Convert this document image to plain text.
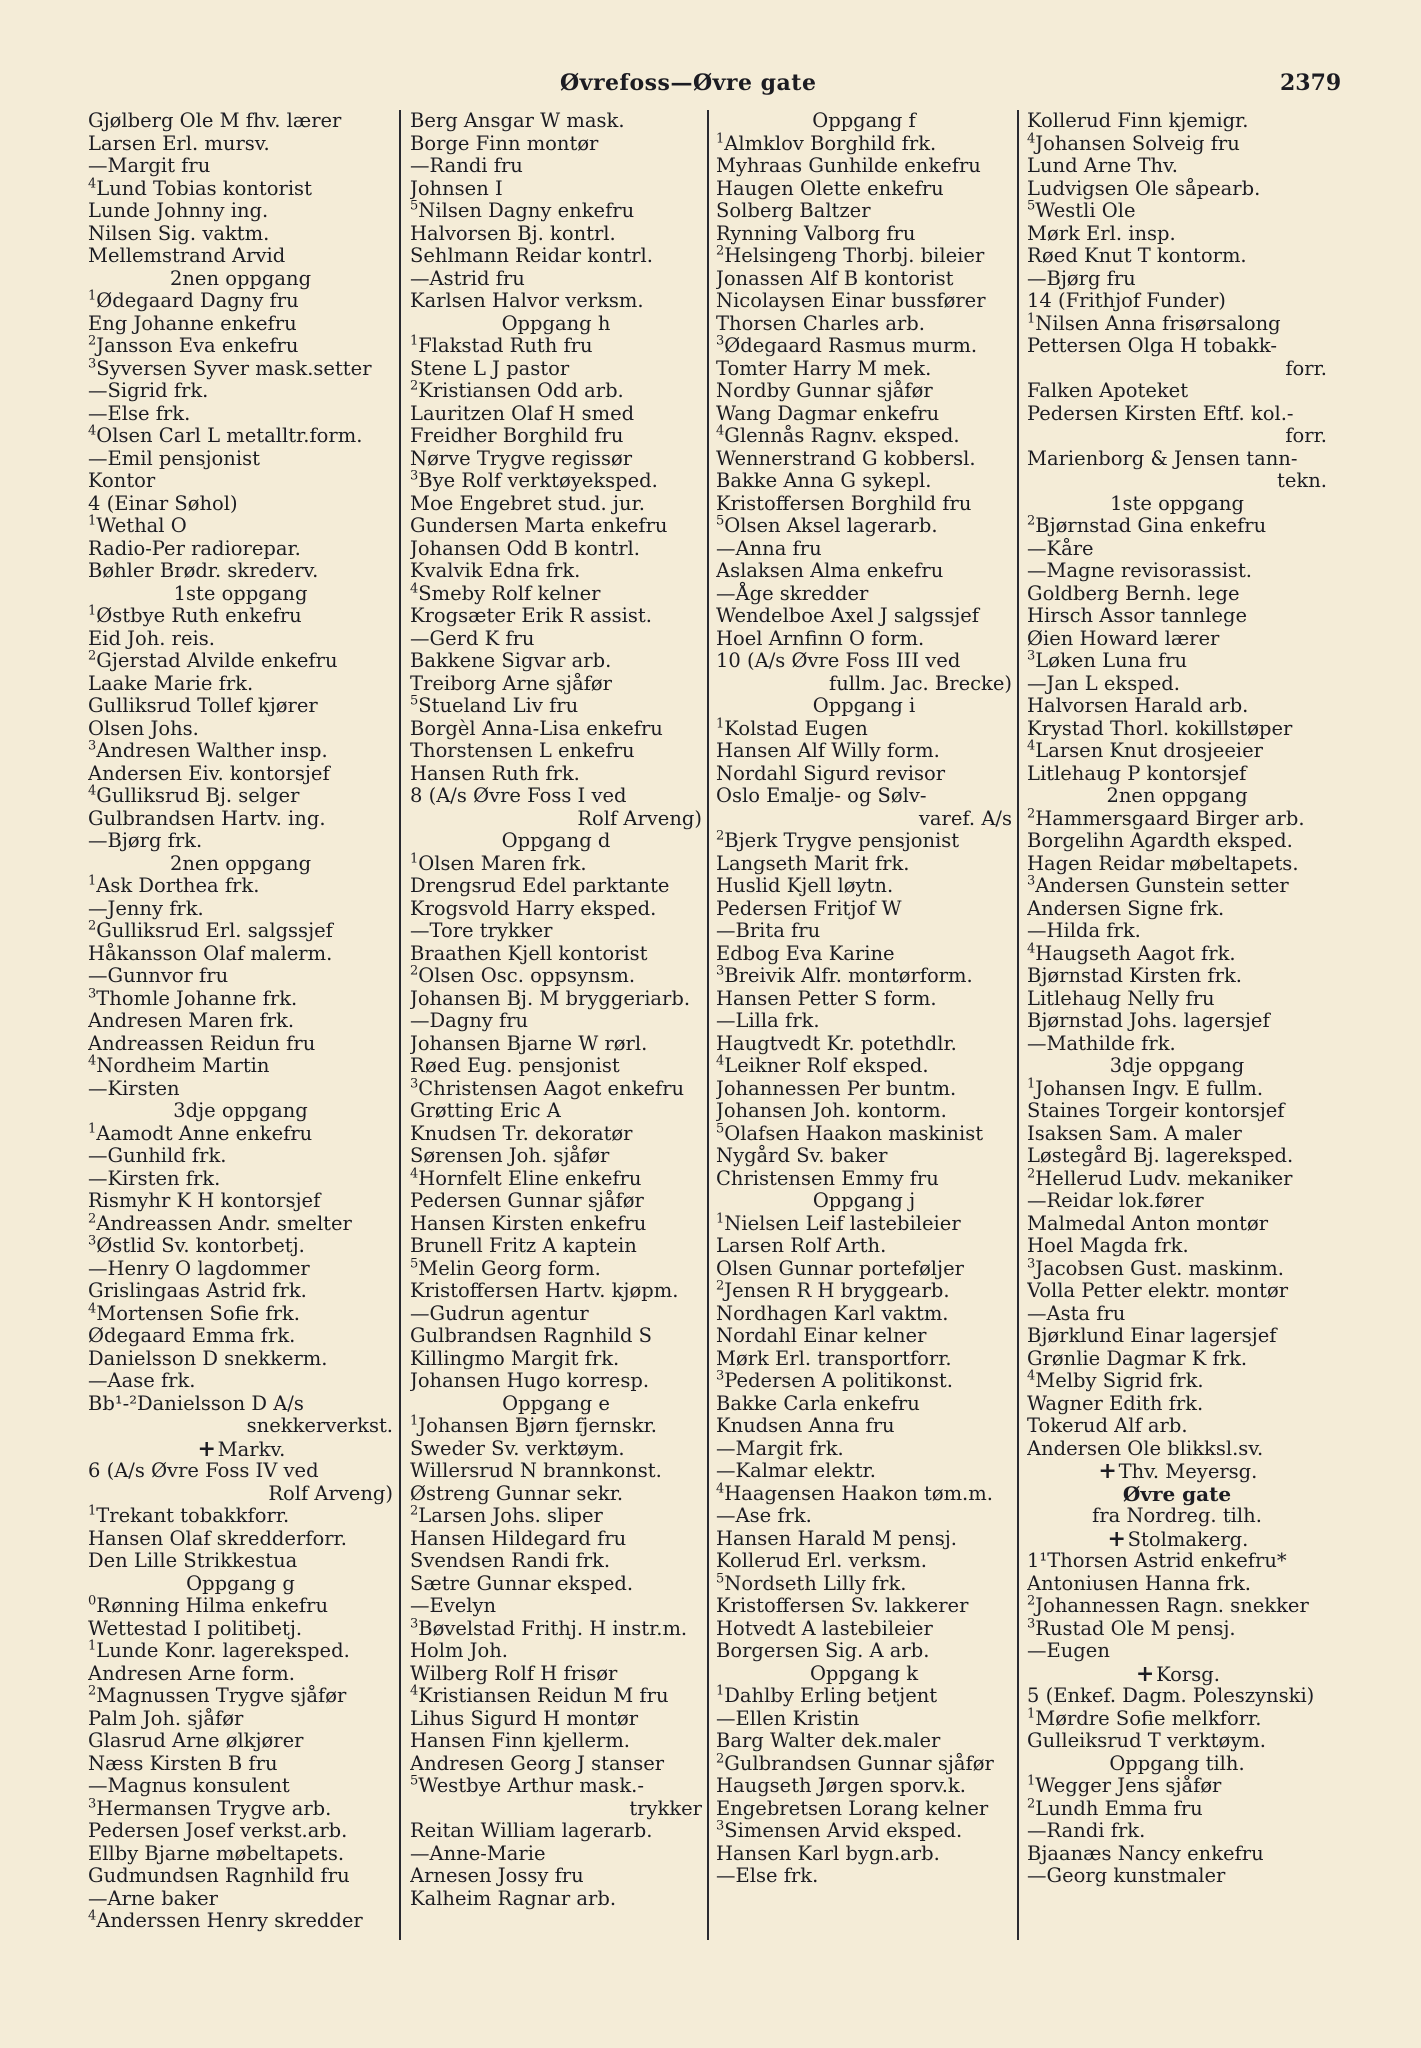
Øvrefoss—Øvre gate	2379
Gjølberg Ole M fhv. lærer
Larsen Erl. mursv.
—Margit fru
$^4$Lund Tobias kontorist
Lunde Johnny ing.
Nilsen Sig. vaktm.
Mellemstrand Arvid
2nen oppgang
$^1$Ødegaard Dagny fru
Eng Johanne enkefru
$^2$Jansson Eva enkefru
$^3$Syversen Syver mask.setter
—Sigrid frk.
—Else frk.
$^4$Olsen Carl L metalltr.form.
—Emil pensjonist
Kontor
4 (Einar Søhol)
$^1$Wethal O
Radio-Per radiorepar.
Bøhler Brødr. skrederv.
1ste oppgang
$^1$Østbye Ruth enkefru
Eid Joh. reis.
$^2$Gjerstad Alvilde enkefru
Laake Marie frk.
Gulliksrud Tollef kjører
Olsen Johs.
$^3$Andresen Walther insp.
Andersen Eiv. kontorsjef
$^4$Gulliksrud Bj. selger
Gulbrandsen Hartv. ing.
—Bjørg frk.
2nen oppgang
$^1$Ask Dorthea frk.
—Jenny frk.
$^2$Gulliksrud Erl. salgssjef
Håkansson Olaf malerm.
—Gunnvor fru
$^3$Thomle Johanne frk.
Andresen Maren frk.
Andreassen Reidun fru
$^4$Nordheim Martin
—Kirsten
3dje oppgang
$^1$Aamodt Anne enkefru
—Gunhild frk.
—Kirsten frk.
Rismyhr K H kontorsjef
$^2$Andreassen Andr. smelter
$^3$Østlid Sv. kontorbetj.
—Henry O lagdommer
Grislingaas Astrid frk.
$^4$Mortensen Sofie frk.
Ødegaard Emma frk.
Danielsson D snekkerm.
—Aase frk.
Bb¹-²Danielsson D A/s
snekkerverkst.
+Markv.
6 (A/s Øvre Foss IV ved
Rolf Arveng)
$^1$Trekant tobakkforr.
Hansen Olaf skredderforr.
Den Lille Strikkestua
Oppgang g
$^0$Rønning Hilma enkefru
Wettestad I politibetj.
$^1$Lunde Konr. lagerekspеd.
Andresen Arne form.
$^2$Magnussen Trygve sjåfør
Palm Joh. sjåfør
Glasrud Arne ølkjører
Næss Kirsten B fru
—Magnus konsulent
$^3$Hermansen Trygve arb.
Pedersen Josef verkst.arb.
Ellby Bjarne møbeltapets.
Gudmundsen Ragnhild fru
—Arne baker
$^4$Anderssen Henry skredder
Berg Ansgar W mask.
Borge Finn montør
—Randi fru
Johnsen I
$^5$Nilsen Dagny enkefru
Halvorsen Bj. kontrl.
Sehlmann Reidar kontrl.
—Astrid fru
Karlsen Halvor verksm.
Oppgang h
$^1$Flakstad Ruth fru
Stene L J pastor
$^2$Kristiansen Odd arb.
Lauritzen Olaf H smed
Freidher Borghild fru
Nørve Trygve regissør
$^3$Bye Rolf verktøyeksped.
Moe Engebret stud. jur.
Gundersen Marta enkefru
Johansen Odd B kontrl.
Kvalvik Edna frk.
$^4$Smeby Rolf kelner
Krogsæter Erik R assist.
—Gerd K fru
Bakkene Sigvar arb.
Treiborg Arne sjåfør
$^5$Stueland Liv fru
Borgèl Anna-Lisa enkefru
Thorstensen L enkefru
Hansen Ruth frk.
8 (A/s Øvre Foss I ved
Rolf Arveng)
Oppgang d
$^1$Olsen Maren frk.
Drengsrud Edel parktante
Krogsvold Harry eksped.
—Tore trykker
Braathen Kjell kontorist
$^2$Olsen Osc. oppsynsm.
Johansen Bj. M bryggeriarb.
—Dagny fru
Johansen Bjarne W rørl.
Røed Eug. pensjonist
$^3$Christensen Aagot enkefru
Grøtting Eric A
Knudsen Tr. dekoratør
Sørensen Joh. sjåfør
$^4$Hornfelt Eline enkefru
Pedersen Gunnar sjåfør
Hansen Kirsten enkefru
Brunell Fritz A kaptein
$^5$Melin Georg form.
Kristoffersen Hartv. kjøpm.
—Gudrun agentur
Gulbrandsen Ragnhild S
Killingmo Margit frk.
Johansen Hugo korresp.
Oppgang e
$^1$Johansen Bjørn fjernskr.
Sweder Sv. verktøym.
Willersrud N brannkonst.
Østreng Gunnar sekr.
$^2$Larsen Johs. sliper
Hansen Hildegard fru
Svendsen Randi frk.
Sætre Gunnar eksped.
—Evelyn
$^3$Bøvelstad Frithj. H instr.m.
Holm Joh.
Wilberg Rolf H frisør
$^4$Kristiansen Reidun M fru
Lihus Sigurd H montør
Hansen Finn kjellerm.
Andresen Georg J stanser
$^5$Westbye Arthur mask.-
trykker
Reitan William lagerarb.
—Anne-Marie
Arnesen Jossy fru
Kalheim Ragnar arb.
Oppgang f
$^1$Almklov Borghild frk.
Myhraas Gunhilde enkefru
Haugen Olette enkefru
Solberg Baltzer
Rynning Valborg fru
$^2$Helsingeng Thorbj. bileier
Jonassen Alf B kontorist
Nicolaysen Einar bussfører
Thorsen Charles arb.
$^3$Ødegaard Rasmus murm.
Tomter Harry M mek.
Nordby Gunnar sjåfør
Wang Dagmar enkefru
$^4$Glennås Ragnv. eksped.
Wennerstrand G kobbersl.
Bakke Anna G sykepl.
Kristoffersen Borghild fru
$^5$Olsen Aksel lagerarb.
—Anna fru
Aslaksen Alma enkefru
—Åge skredder
Wendelboe Axel J salgssjef
Hoel Arnfinn O form.
10 (A/s Øvre Foss III ved
fullm. Jac. Brecke)
Oppgang i
$^1$Kolstad Eugen
Hansen Alf Willy form.
Nordahl Sigurd revisor
Oslo Emalje- og Sølv-
varef. A/s
$^2$Bjerk Trygve pensjonist
Langseth Marit frk.
Huslid Kjell løytn.
Pedersen Fritjof W
—Brita fru
Edbog Eva Karine
$^3$Breivik Alfr. montørform.
Hansen Petter S form.
—Lilla frk.
Haugtvedt Kr. potethdlr.
$^4$Leikner Rolf eksped.
Johannessen Per buntm.
Johansen Joh. kontorm.
$^5$Olafsen Haakon maskinist
Nygård Sv. baker
Christensen Emmy fru
Oppgang j
$^1$Nielsen Leif lastebileier
Larsen Rolf Arth.
Olsen Gunnar porteføljer
$^2$Jensen R H bryggearb.
Nordhagen Karl vaktm.
Nordahl Einar kelner
Mørk Erl. transportforr.
$^3$Pedersen A politikonst.
Bakke Carla enkefru
Knudsen Anna fru
—Margit frk.
—Kalmar elektr.
$^4$Haagensen Haakon tøm.m.
—Ase frk.
Hansen Harald M pensj.
Kollerud Erl. verksm.
$^5$Nordseth Lilly frk.
Kristoffersen Sv. lakkerer
Hotvedt A lastebileier
Borgersen Sig. A arb.
Oppgang k
$^1$Dahlby Erling betjent
—Ellen Kristin
Barg Walter dek.maler
$^2$Gulbrandsen Gunnar sjåfør
Haugseth Jørgen sporv.k.
Engebretsen Lorang kelner
$^3$Simensen Arvid eksped.
Hansen Karl bygn.arb.
—Else frk.
Kollerud Finn kjemigr.
$^4$Johansen Solveig fru
Lund Arne Thv.
Ludvigsen Ole såpearb.
$^5$Westli Ole
Mørk Erl. insp.
Røed Knut T kontorm.
—Bjørg fru
14 (Frithjof Funder)
$^1$Nilsen Anna frisørsalong
Pettersen Olga H tobakk-
forr.
Falken Apoteket
Pedersen Kirsten Eftf. kol.-
forr.
Marienborg & Jensen tann-
tekn.
1ste oppgang
$^2$Bjørnstad Gina enkefru
—Kåre
—Magne revisorassist.
Goldberg Bernh. lege
Hirsch Assor tannlege
Øien Howard lærer
$^3$Løken Luna fru
—Jan L eksped.
Halvorsen Harald arb.
Krystad Thorl. kokillstøper
$^4$Larsen Knut drosjeeier
Litlehaug P kontorsjef
2nen oppgang
$^2$Hammersgaard Birger arb.
Borgelihn Agardth eksped.
Hagen Reidar møbeltapets.
$^3$Andersen Gunstein setter
Andersen Signe frk.
—Hilda frk.
$^4$Haugseth Aagot frk.
Bjørnstad Kirsten frk.
Litlehaug Nelly fru
Bjørnstad Johs. lagersjef
—Mathilde frk.
3dje oppgang
$^1$Johansen Ingv. E fullm.
Staines Torgeir kontorsjef
Isaksen Sam. A maler
Løstegård Bj. lagereksped.
$^2$Hellerud Ludv. mekaniker
—Reidar lok.fører
Malmedal Anton montør
Hoel Magda frk.
$^3$Jacobsen Gust. maskinm.
Volla Petter elektr. montør
—Asta fru
Bjørklund Einar lagersjef
Grønlie Dagmar K frk.
$^4$Melby Sigrid frk.
Wagner Edith frk.
Tokerud Alf arb.
Andersen Ole blikksl.sv.
+Thv. Meyersg.
Øvre gate
fra Nordreg. tilh.
+Stolmakerg.
1¹Thorsen Astrid enkefru*
Antoniusen Hanna frk.
$^2$Johannessen Ragn. snekker
$^3$Rustad Ole M pensj.
—Eugen
+Korsg.
5 (Enkef. Dagm. Poleszynski)
$^1$Mørdre Sofie melkforr.
Gulleiksrud T verktøym.
Oppgang tilh.
$^1$Wegger Jens sjåfør
$^2$Lundh Emma fru
—Randi frk.
Bjaanæs Nancy enkefru
—Georg kunstmaler
